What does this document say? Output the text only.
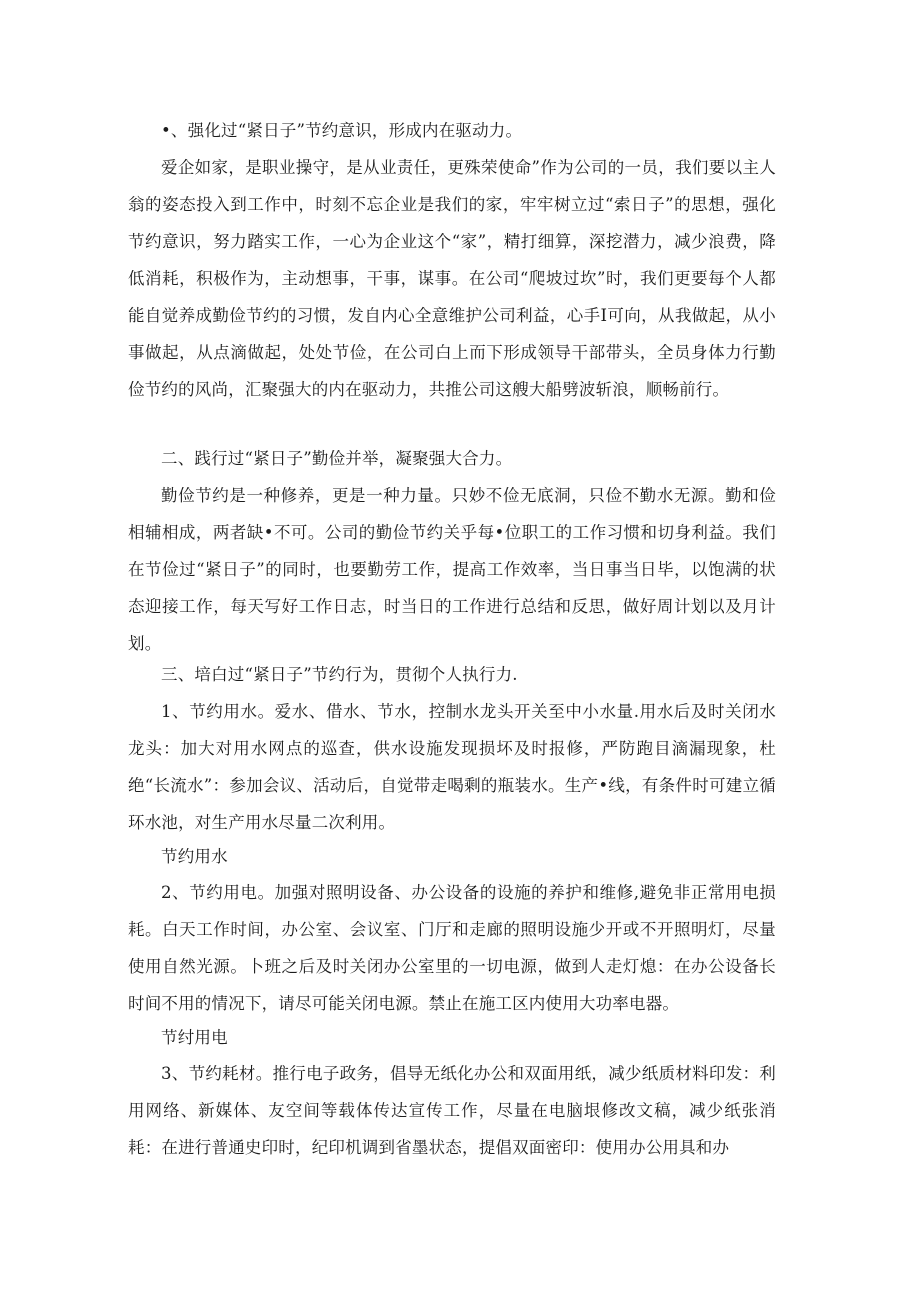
•、强化过“紧日子”节约意识，形成内在驱动力。

爱企如家，是职业操守，是从业责任，更殊荣使命”作为公司的一员，我们要以主人翁的姿态投入到工作中，时刻不忘企业是我们的家，牢牢树立过“索日子”的思想，强化节约意识，努力踏实工作，一心为企业这个“家”，精打细算，深挖潜力，减少浪费，降低消耗，积极作为，主动想事，干事，谋事。在公司“爬坡过坎”时，我们更要每个人都能自觉养成勤俭节约的习惯，发自内心全意维护公司利益，心手I可向，从我做起，从小事做起，从点滴做起，处处节俭，在公司白上而下形成领导干部带头，全员身体力行勤俭节约的风尚，汇聚强大的内在驱动力，共推公司这艘大船劈波斩浪，顺畅前行。

二、践行过“紧日子”勤俭并举，凝聚强大合力。

勤俭节约是一种修养，更是一种力量。只妙不俭无底洞，只俭不勤水无源。勤和俭相辅相成，两者缺•不可。公司的勤俭节约关乎每•位职工的工作习惯和切身利益。我们在节俭过“紧日子”的同时，也要勤劳工作，提高工作效率，当日事当日毕，以饱满的状态迎接工作，每天写好工作日志，时当日的工作进行总结和反思，做好周计划以及月计划。

三、培白过“紧日子”节约行为，贯彻个人执行力.

1、节约用水。爱水、借水、节水，控制水龙头开关至中小水量.用水后及时关闭水龙头：加大对用水网点的巡查，供水设施发现损坏及时报修，严防跑目滴漏现象，杜绝“长流水”：参加会议、活动后，自觉带走喝剩的瓶装水。生产•线，有条件时可建立循环水池，对生产用水尽量二次利用。

节约用水

2、节约用电。加强对照明设备、办公设备的设施的养护和维修,避免非正常用电损耗。白天工作时间，办公室、会议室、门厅和走廊的照明设施少开或不开照明灯，尽量使用自然光源。卜班之后及时关闭办公室里的一切电源，做到人走灯熄：在办公设备长时间不用的情况下，请尽可能关闭电源。禁止在施工区内使用大功率电器。

节纣用电

3、节约耗材。推行电子政务，倡导无纸化办公和双面用纸，减少纸质材料印发：利用网络、新媒体、友空间等载体传达宣传工作，尽量在电脑垠修改文稿，减少纸张消耗：在进行普通史印时，纪印机调到省墨状态，提倡双面密印：使用办公用具和办
